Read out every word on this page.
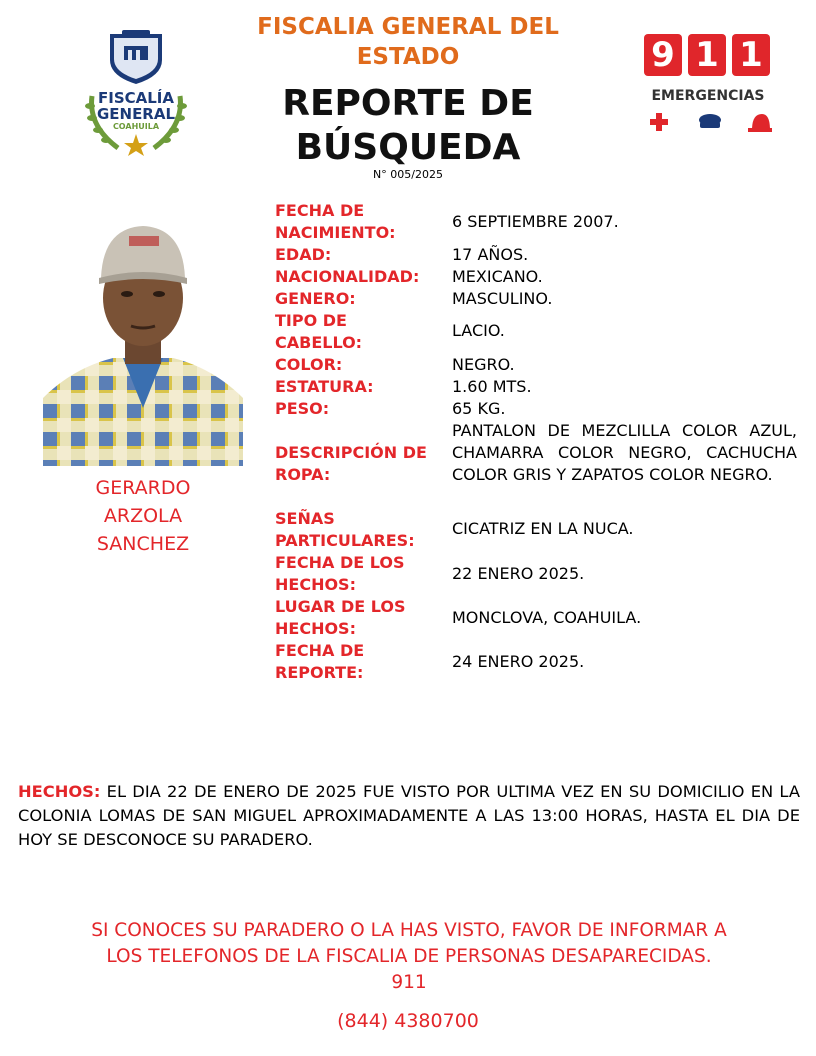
FISCALIA GENERAL DEL
ESTADO
REPORTE DE
BÚSQUEDA
N° 005/2025
FISCALÍA
GENERAL
COAHUILA
9 1 1
EMERGENCIAS
GERARDO
ARZOLA
SANCHEZ
FECHA DE NACIMIENTO:
6 SEPTIEMBRE 2007.
EDAD:	17 AÑOS.
NACIONALIDAD:	MEXICANO.
GENERO:	MASCULINO.
TIPO DE CABELLO:
LACIO.
COLOR:	NEGRO.
ESTATURA:	1.60 MTS.
PESO:	65 KG.
DESCRIPCIÓN DE ROPA:
PANTALON DE MEZCLILLA COLOR AZUL, CHAMARRA COLOR NEGRO, CACHUCHA COLOR GRIS Y ZAPATOS COLOR NEGRO.
SEÑAS PARTICULARES:
CICATRIZ EN LA NUCA.
FECHA DE LOS HECHOS:
22 ENERO 2025.
LUGAR DE LOS HECHOS:
MONCLOVA, COAHUILA.
FECHA DE REPORTE:
24 ENERO 2025.
HECHOS: EL DIA 22 DE ENERO DE 2025 FUE VISTO POR ULTIMA VEZ EN SU DOMICILIO EN LA COLONIA LOMAS DE SAN MIGUEL APROXIMADAMENTE A LAS 13:00 HORAS, HASTA EL DIA DE HOY SE DESCONOCE SU PARADERO.
SI CONOCES SU PARADERO O LA HAS VISTO, FAVOR DE INFORMAR A
LOS TELEFONOS DE LA FISCALIA DE PERSONAS DESAPARECIDAS.
911
(844) 4380700
